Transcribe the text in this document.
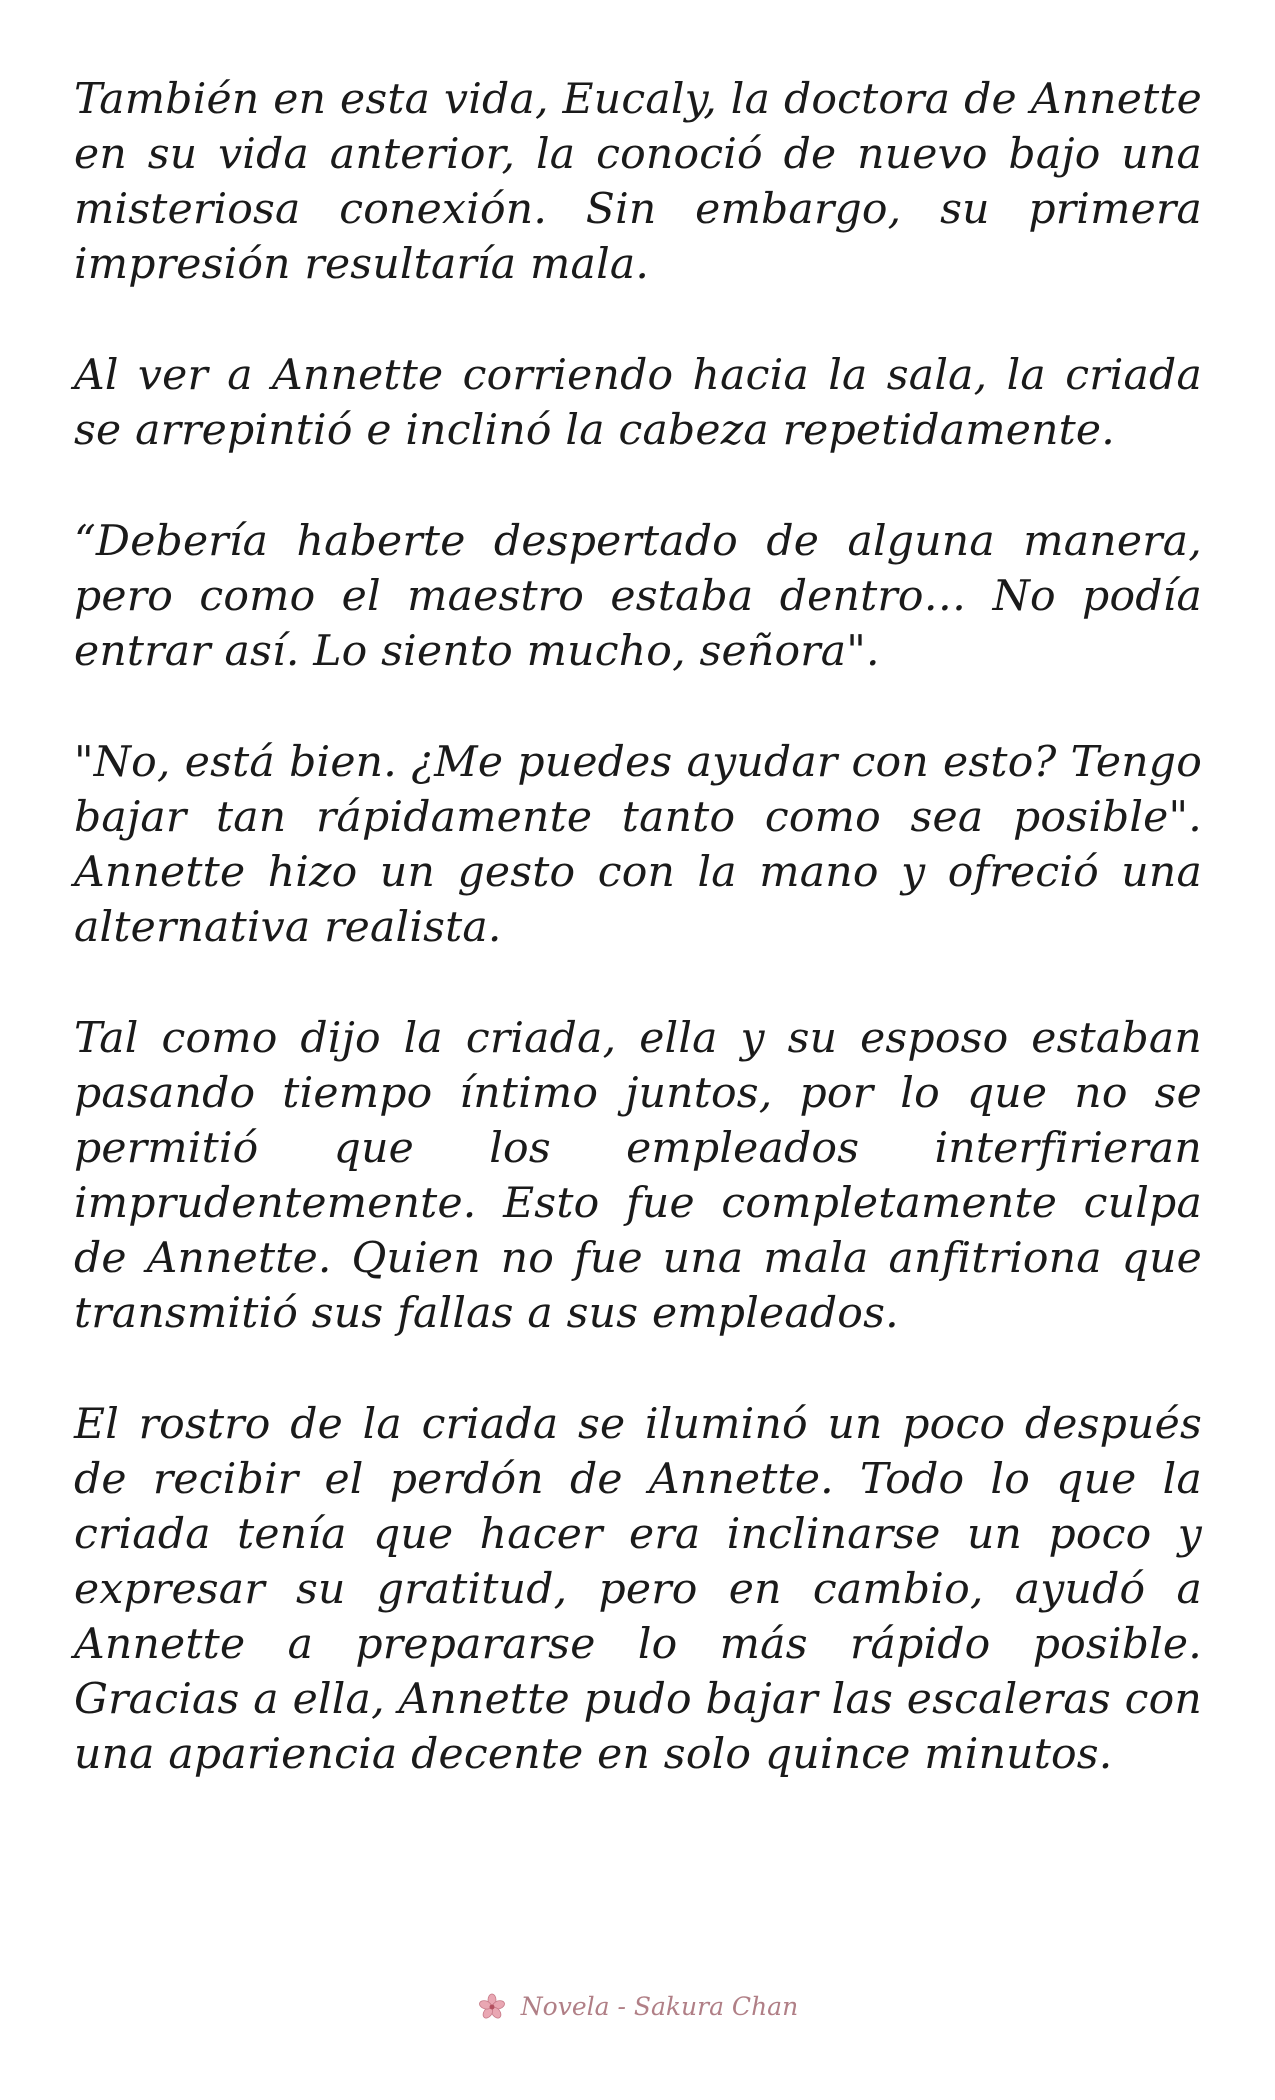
También en esta vida, Eucaly, la doctora de Annette en su vida anterior, la conoció de nuevo bajo una misteriosa conexión. Sin embargo, su primera impresión resultaría mala.

Al ver a Annette corriendo hacia la sala, la criada se arrepintió e inclinó la cabeza repetidamente.

“Debería haberte despertado de alguna manera, pero como el maestro estaba dentro… No podía entrar así. Lo siento mucho, señora".

"No, está bien. ¿Me puedes ayudar con esto? Tengo bajar tan rápidamente tanto como sea posible". Annette hizo un gesto con la mano y ofreció una alternativa realista.

Tal como dijo la criada, ella y su esposo estaban pasando tiempo íntimo juntos, por lo que no se permitió que los empleados interfirieran imprudentemente. Esto fue completamente culpa de Annette. Quien no fue una mala anfitriona que transmitió sus fallas a sus empleados.

El rostro de la criada se iluminó un poco después de recibir el perdón de Annette. Todo lo que la criada tenía que hacer era inclinarse un poco y expresar su gratitud, pero en cambio, ayudó a Annette a prepararse lo más rápido posible. Gracias a ella, Annette pudo bajar las escaleras con una apariencia decente en solo quince minutos.

Novela - Sakura Chan
